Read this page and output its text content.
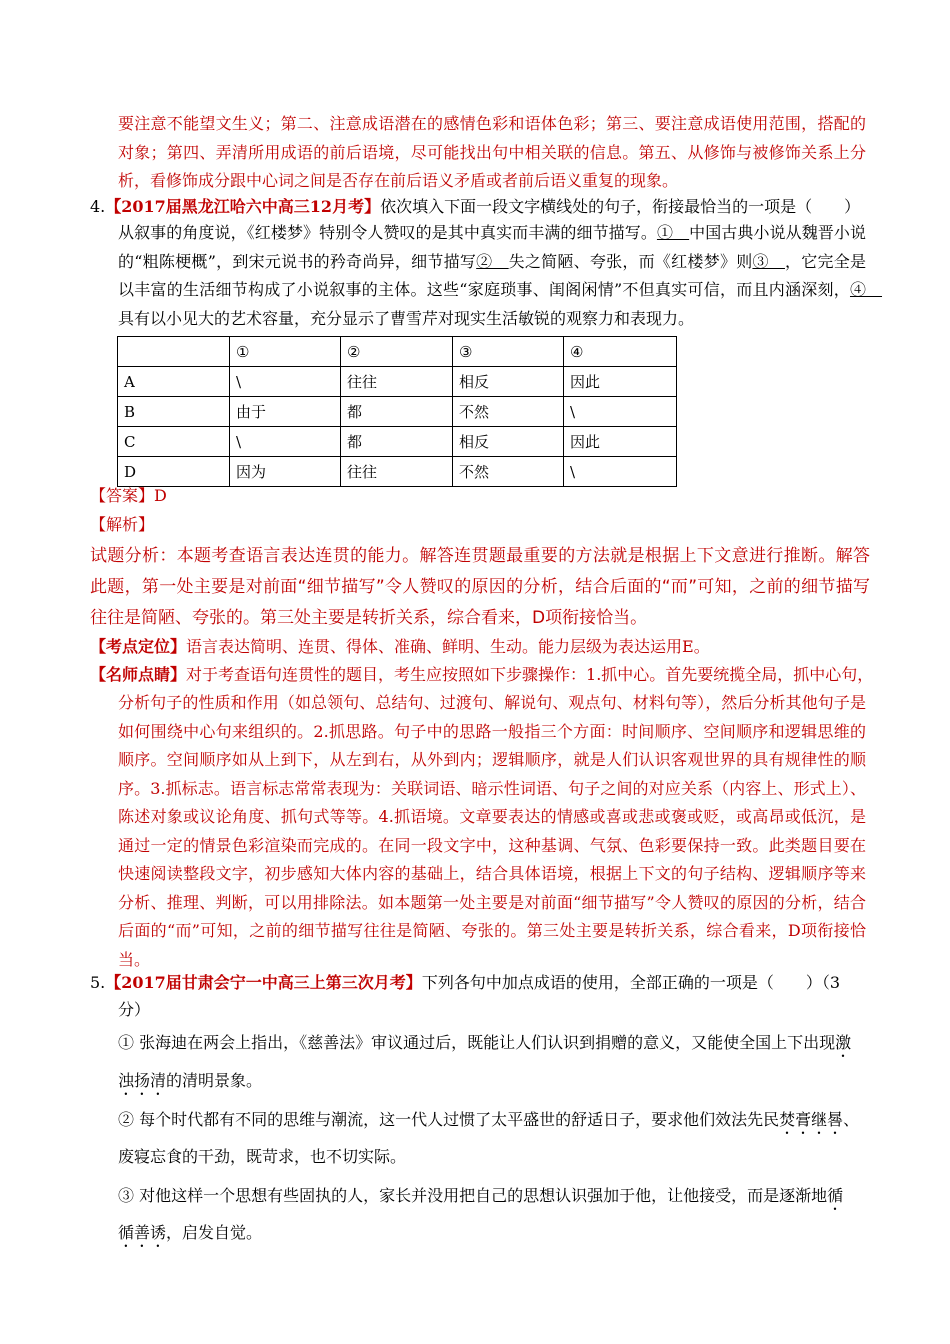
要注意不能望文生义；第二、注意成语潜在的感情色彩和语体色彩；第三、要注意成语使用范围，搭配的对象；第四、弄清所用成语的前后语境，尽可能找出句中相关联的信息。第五、从修饰与被修饰关系上分析，看修饰成分跟中心词之间是否存在前后语义矛盾或者前后语义重复的现象。

4.【2017届黑龙江哈六中高三12月考】依次填入下面一段文字横线处的句子，衔接最恰当的一项是（　　）

从叙事的角度说，《红楼梦》特别令人赞叹的是其中真实而丰满的细节描写。①　中国古典小说从魏晋小说的“粗陈梗概”，到宋元说书的矜奇尚异，细节描写②　失之简陋、夸张，而《红楼梦》则③　，它完全是以丰富的生活细节构成了小说叙事的主体。这些“家庭琐事、闺阁闲情”不但真实可信，而且内涵深刻，④　具有以小见大的艺术容量，充分显示了曹雪芹对现实生活敏锐的观察力和表现力。

	①	②	③	④
A	\	往往	相反	因此
B	由于	都	不然	\
C	\	都	相反	因此
D	因为	往往	不然	\
【答案】D
【解析】

试题分析：本题考查语言表达连贯的能力。解答连贯题最重要的方法就是根据上下文意进行推断。解答此题，第一处主要是对前面“细节描写”令人赞叹的原因的分析，结合后面的“而”可知，之前的细节描写往往是简陋、夸张的。第三处主要是转折关系，综合看来，D项衔接恰当。

【考点定位】语言表达简明、连贯、得体、准确、鲜明、生动。能力层级为表达运用E。
【名师点睛】对于考查语句连贯性的题目，考生应按照如下步骤操作：1.抓中心。首先要统揽全局，抓中心句，

分析句子的性质和作用（如总领句、总结句、过渡句、解说句、观点句、材料句等），然后分析其他句子是如何围绕中心句来组织的。2.抓思路。句子中的思路一般指三个方面：时间顺序、空间顺序和逻辑思维的顺序。空间顺序如从上到下，从左到右，从外到内；逻辑顺序，就是人们认识客观世界的具有规律性的顺序。3.抓标志。语言标志常常表现为：关联词语、暗示性词语、句子之间的对应关系（内容上、形式上）、陈述对象或议论角度、抓句式等等。4.抓语境。文章要表达的情感或喜或悲或褒或贬，或高昂或低沉，是通过一定的情景色彩渲染而完成的。在同一段文字中，这种基调、气氛、色彩要保持一致。此类题目要在快速阅读整段文字，初步感知大体内容的基础上，结合具体语境，根据上下文的句子结构、逻辑顺序等来分析、推理、判断，可以用排除法。如本题第一处主要是对前面“细节描写”令人赞叹的原因的分析，结合后面的“而”可知，之前的细节描写往往是简陋、夸张的。第三处主要是转折关系，综合看来，D项衔接恰当。

5.【2017届甘肃会宁一中高三上第三次月考】下列各句中加点成语的使用，全部正确的一项是（　　）（3
分）
① 张海迪在两会上指出，《慈善法》审议通过后，既能让人们认识到捐赠的意义，又能使全国上下出现激
浊扬清的清明景象。
② 每个时代都有不同的思维与潮流，这一代人过惯了太平盛世的舒适日子，要求他们效法先民焚膏继晷、
废寝忘食的干劲，既苛求，也不切实际。
③ 对他这样一个思想有些固执的人，家长并没用把自己的思想认识强加于他，让他接受，而是逐渐地循
循善诱，启发自觉。
